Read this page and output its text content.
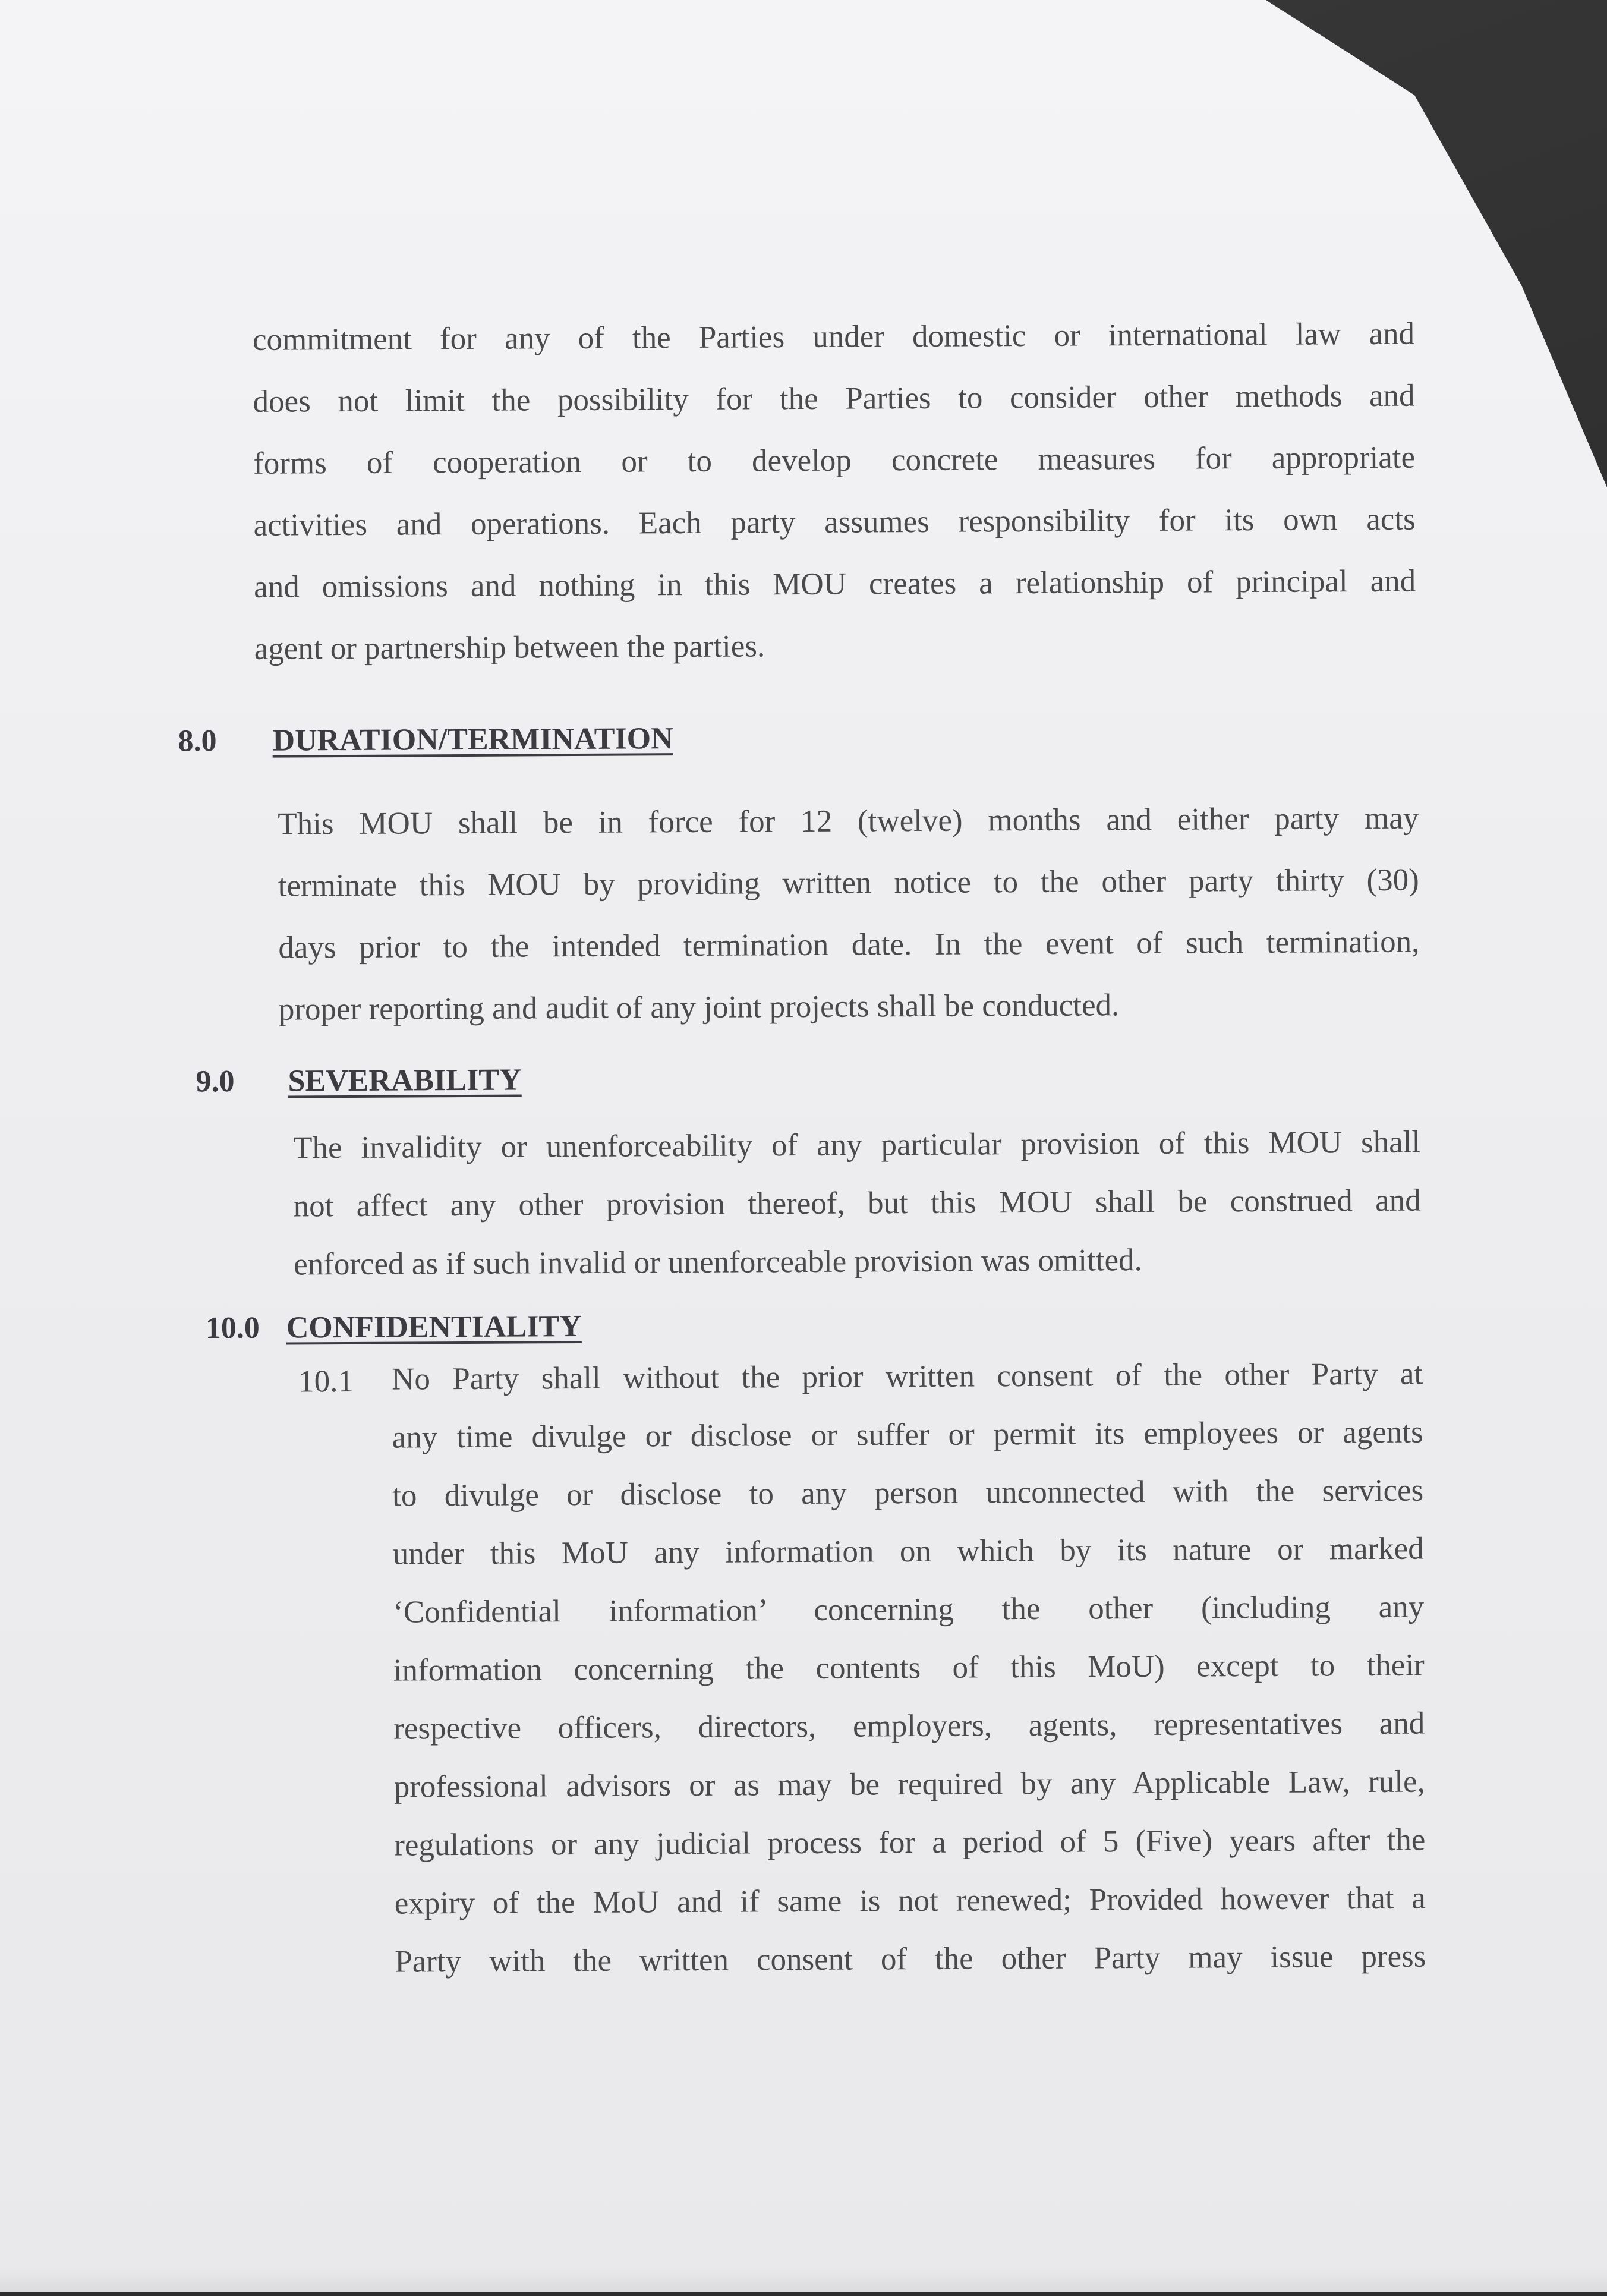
commitment for any of the Parties under domestic or international law and
does not limit the possibility for the Parties to consider other methods and
forms of cooperation or to develop concrete measures for appropriate
activities and operations. Each party assumes responsibility for its own acts
and omissions and nothing in this MOU creates a relationship of principal and
agent or partnership between the parties.
8.0 DURATION/TERMINATION
This MOU shall be in force for 12 (twelve) months and either party may
terminate this MOU by providing written notice to the other party thirty (30)
days prior to the intended termination date. In the event of such termination,
proper reporting and audit of any joint projects shall be conducted.
9.0 SEVERABILITY
The invalidity or unenforceability of any particular provision of this MOU shall
not affect any other provision thereof, but this MOU shall be construed and
enforced as if such invalid or unenforceable provision was omitted.
10.0 CONFIDENTIALITY
10.1 No Party shall without the prior written consent of the other Party at
any time divulge or disclose or suffer or permit its employees or agents
to divulge or disclose to any person unconnected with the services
under this MoU any information on which by its nature or marked
‘Confidential information’ concerning the other (including any
information concerning the contents of this MoU) except to their
respective officers, directors, employers, agents, representatives and
professional advisors or as may be required by any Applicable Law, rule,
regulations or any judicial process for a period of 5 (Five) years after the
expiry of the MoU and if same is not renewed; Provided however that a
Party with the written consent of the other Party may issue press
